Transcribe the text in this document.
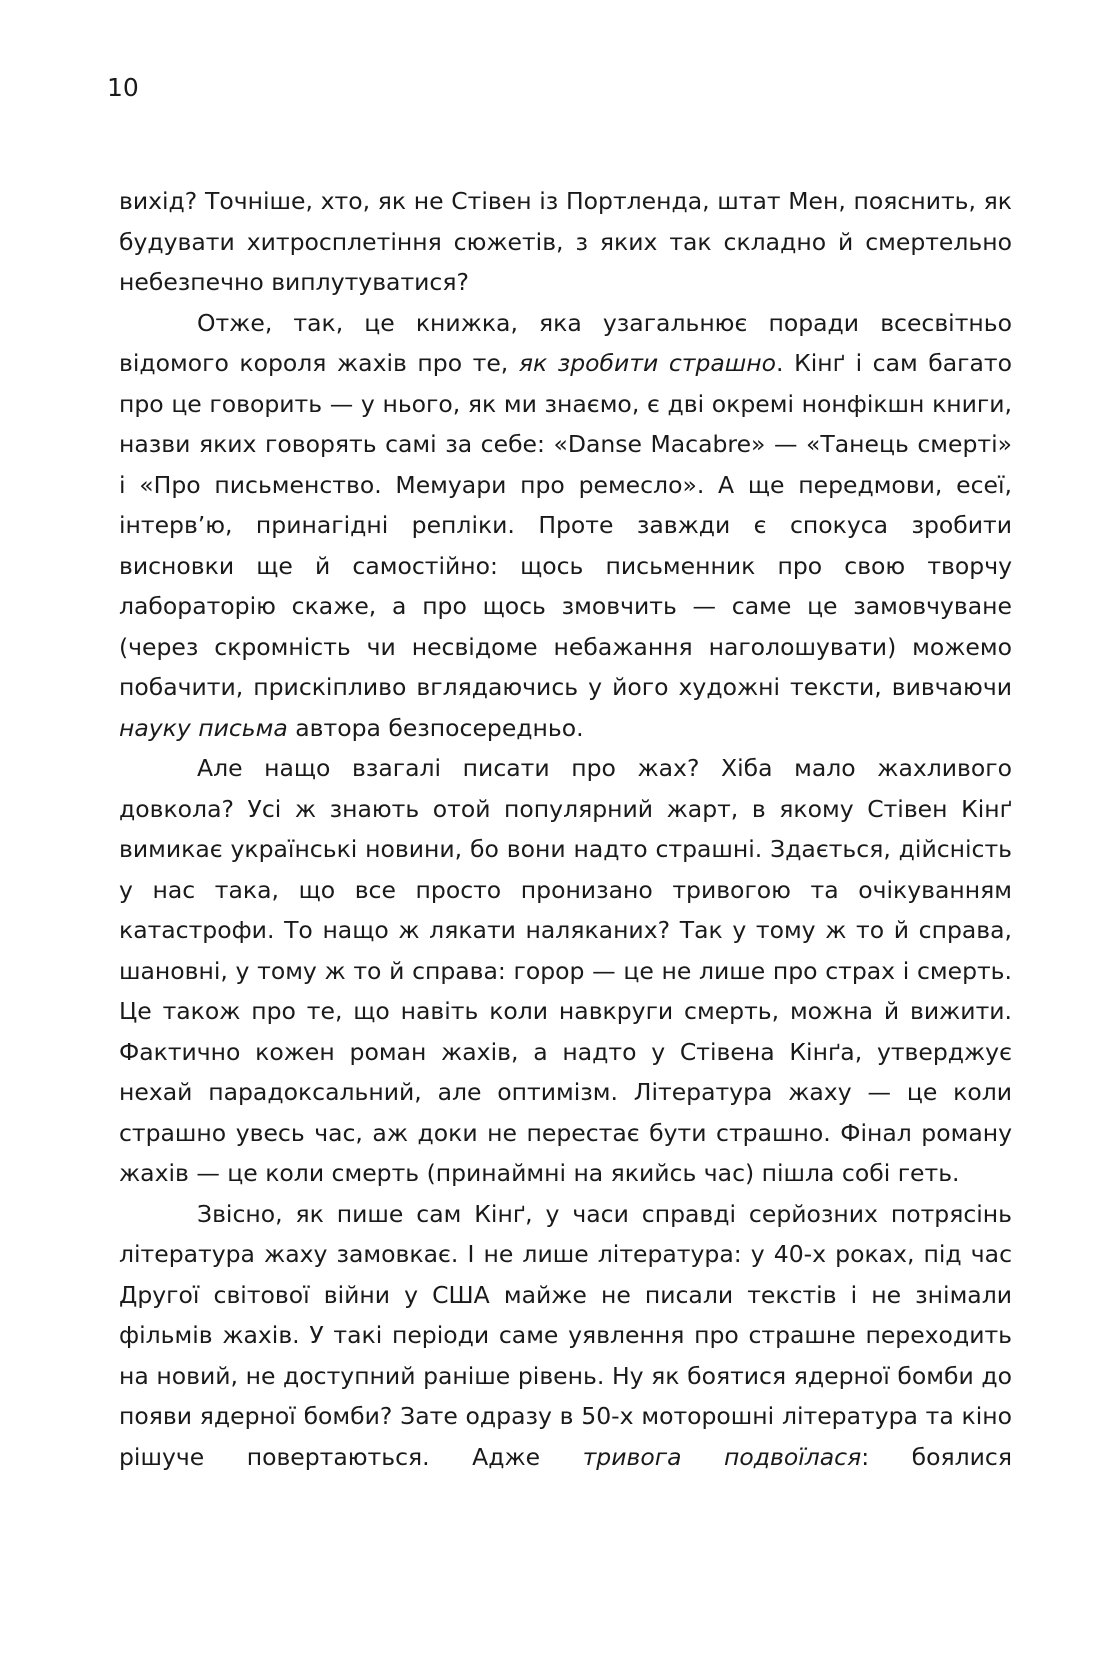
10

вихід? Точніше, хто, як не Стівен із Портленда, штат Мен, пояснить, як будувати хитросплетіння сюжетів, з яких так складно й смертельно небезпечно виплутуватися?

Отже, так, це книжка, яка узагальнює поради всесвітньо відомого короля жахів про те, як зробити страшно. Кінґ і сам багато про це говорить — у нього, як ми знаємо, є дві окремі нонфікшн книги, назви яких говорять самі за себе: «Danse Macabre» — «Танець смерті» і «Про письменство. Мемуари про ремесло». А ще передмови, есеї, інтерв’ю, принагідні репліки. Проте завжди є спокуса зробити висновки ще й самостійно: щось письменник про свою творчу лабораторію скаже, а про щось змовчить — саме це замовчуване (через скромність чи несвідоме небажання наголошувати) можемо побачити, прискіпливо вглядаючись у його художні тексти, вивчаючи науку письма автора безпосередньо.

Але нащо взагалі писати про жах? Хіба мало жахливого довкола? Усі ж знають отой популярний жарт, в якому Стівен Кінґ вимикає українські новини, бо вони надто страшні. Здається, дійсність у нас така, що все просто пронизано тривогою та очікуванням катастрофи. То нащо ж лякати наляканих? Так у тому ж то й справа, шановні, у тому ж то й справа: горор — це не лише про страх і смерть. Це також про те, що навіть коли навкруги смерть, можна й вижити. Фактично кожен роман жахів, а надто у Стівена Кінґа, утверджує нехай парадоксальний, але оптимізм. Література жаху — це коли страшно увесь час, аж доки не перестає бути страшно. Фінал роману жахів — це коли смерть (принаймні на якийсь час) пішла собі геть.

Звісно, як пише сам Кінґ, у часи справді серйозних потрясінь література жаху замовкає. І не лише література: у 40-х роках, під час Другої світової війни у США майже не писали текстів і не знімали фільмів жахів. У такі періоди саме уявлення про страшне переходить на новий, не доступний раніше рівень. Ну як боятися ядерної бомби до появи ядерної бомби? Зате одразу в 50-х моторошні література та кіно рішуче повертаються. Адже тривога подвоїлася: боялися
